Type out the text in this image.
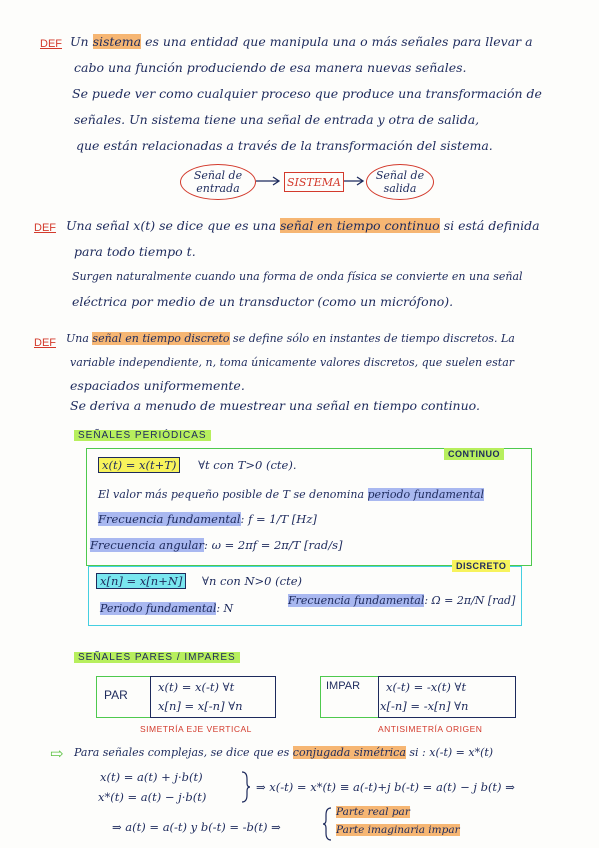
DEF Un sistema es una entidad que manipula una o más señales para llevar a
cabo una función produciendo de esa manera nuevas señales.
Se puede ver como cualquier proceso que produce una transformación de
señales. Un sistema tiene una señal de entrada y otra de salida,
que están relacionadas a través de la transformación del sistema.
Señal de entrada	SISTEMA	Señal de salida
DEF Una señal x(t) se dice que es una señal en tiempo continuo si está definida
para todo tiempo t.
Surgen naturalmente cuando una forma de onda física se convierte en una señal
eléctrica por medio de un transductor (como un micrófono).
DEF Una señal en tiempo discreto se define sólo en instantes de tiempo discretos. La
variable independiente, n, toma únicamente valores discretos, que suelen estar
espaciados uniformemente.
Se deriva a menudo de muestrear una señal en tiempo continuo.
SEÑALES PERIÓDICAS
CONTINUO
x(t) = x(t+T) ∀t con T>0 (cte).
El valor más pequeño posible de T se denomina periodo fundamental
Frecuencia fundamental: f = 1/T [Hz]
Frecuencia angular: ω = 2πf = 2π/T [rad/s]
DISCRETO
x[n] = x[n+N] ∀n con N>0 (cte)
Periodo fundamental: N
Frecuencia fundamental: Ω = 2π/N [rad]
SEÑALES PARES / IMPARES
PAR
x(t) = x(-t) ∀t
x[n] = x[-n] ∀n
SIMETRÍA EJE VERTICAL
IMPAR x(-t) = -x(t) ∀t
x[-n] = -x[n] ∀n
ANTISIMETRÍA ORIGEN
⇨ Para señales complejas, se dice que es conjugada simétrica si : x(-t) = x*(t)
x(t) = a(t) + j·b(t)
x*(t) = a(t) − j·b(t)
⇒ x(-t) = x*(t) ≡ a(-t)+j b(-t) = a(t) − j b(t) ⇒
⇒ a(t) = a(-t) y b(-t) = -b(t) ⇒
Parte real par
Parte imaginaria impar
